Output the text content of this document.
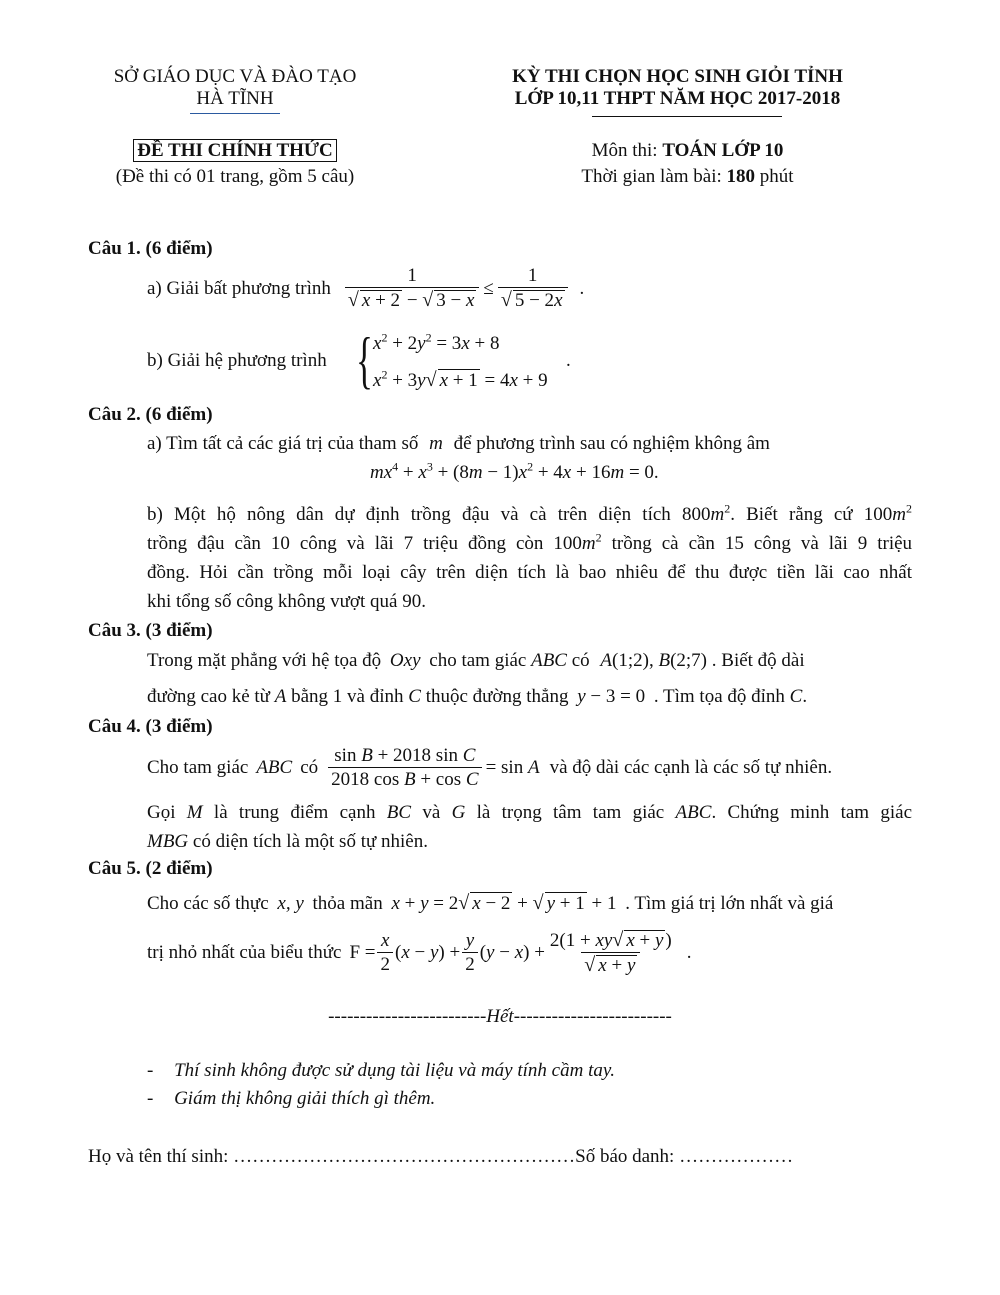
SỞ GIÁO DỤC VÀ ĐÀO TẠO
HÀ TĨNH
KỲ THI CHỌN HỌC SINH GIỎI TỈNH
LỚP 10,11 THPT NĂM HỌC 2017-2018
ĐỀ THI CHÍNH THỨC
(Đề thi có 01 trang, gồm 5 câu)
Môn thi: TOÁN LỚP 10
Thời gian làm bài: 180 phút
Câu 1. (6 điểm)
a) Giải bất phương trình $\frac{1}{√ x + 2 - √ 3 - x} \le \frac{1}{√ 5 - 2x}$ .
b) Giải hệ phương trình { $x^2 + 2y^2 = 3x + 8$
$x^2 + 3y√$ x + 1 = 4x + 9
.
Câu 2. (6 điểm)
a) Tìm tất cả các giá trị của tham số m để phương trình sau có nghiệm không âm
$mx^4 + x^3 + (8m - 1)x^2 + 4x + 16m = 0$.
b) Một hộ nông dân dự định trồng đậu và cà trên diện tích $800m^2$. Biết rằng cứ $100m^2$
trồng đậu cần 10 công và lãi 7 triệu đồng còn $100m^2$ trồng cà cần 15 công và lãi 9 triệu
đồng. Hỏi cần trồng mỗi loại cây trên diện tích là bao nhiêu để thu được tiền lãi cao nhất
khi tổng số công không vượt quá 90.
Câu 3. (3 điểm)
Trong mặt phẳng với hệ tọa độ Oxy cho tam giác ABC có A(1;2), B(2;7) . Biết độ dài
đường cao kẻ từ A bằng 1 và đỉnh C thuộc đường thẳng y − 3 = 0 . Tìm tọa độ đỉnh C.
Câu 4. (3 điểm)
Cho tam giác ABC có $\frac{\text{sin B + 2018 sin C}}{\text{2018 cos B + cos C}} = \sin A$ và độ dài các cạnh là các số tự nhiên.
Gọi M là trung điểm cạnh BC và G là trọng tâm tam giác ABC. Chứng minh tam giác
MBG có diện tích là một số tự nhiên.
Câu 5. (2 điểm)
Cho các số thực x, y thỏa mãn x + y = 2√ x − 2 + √ y + 1 + 1 . Tìm giá trị lớn nhất và giá
trị nhỏ nhất của biểu thức $F = \frac{x}{2} (x - y) + \frac{y}{2} (y - x) + \frac{2(1 + xy√ x + y )}{√ x + y}$ .
-------------------------Hết-------------------------
- Thí sinh không được sử dụng tài liệu và máy tính cầm tay.
- Giám thị không giải thích gì thêm.
Họ và tên thí sinh: ………………………………………………Số báo danh: ………………
